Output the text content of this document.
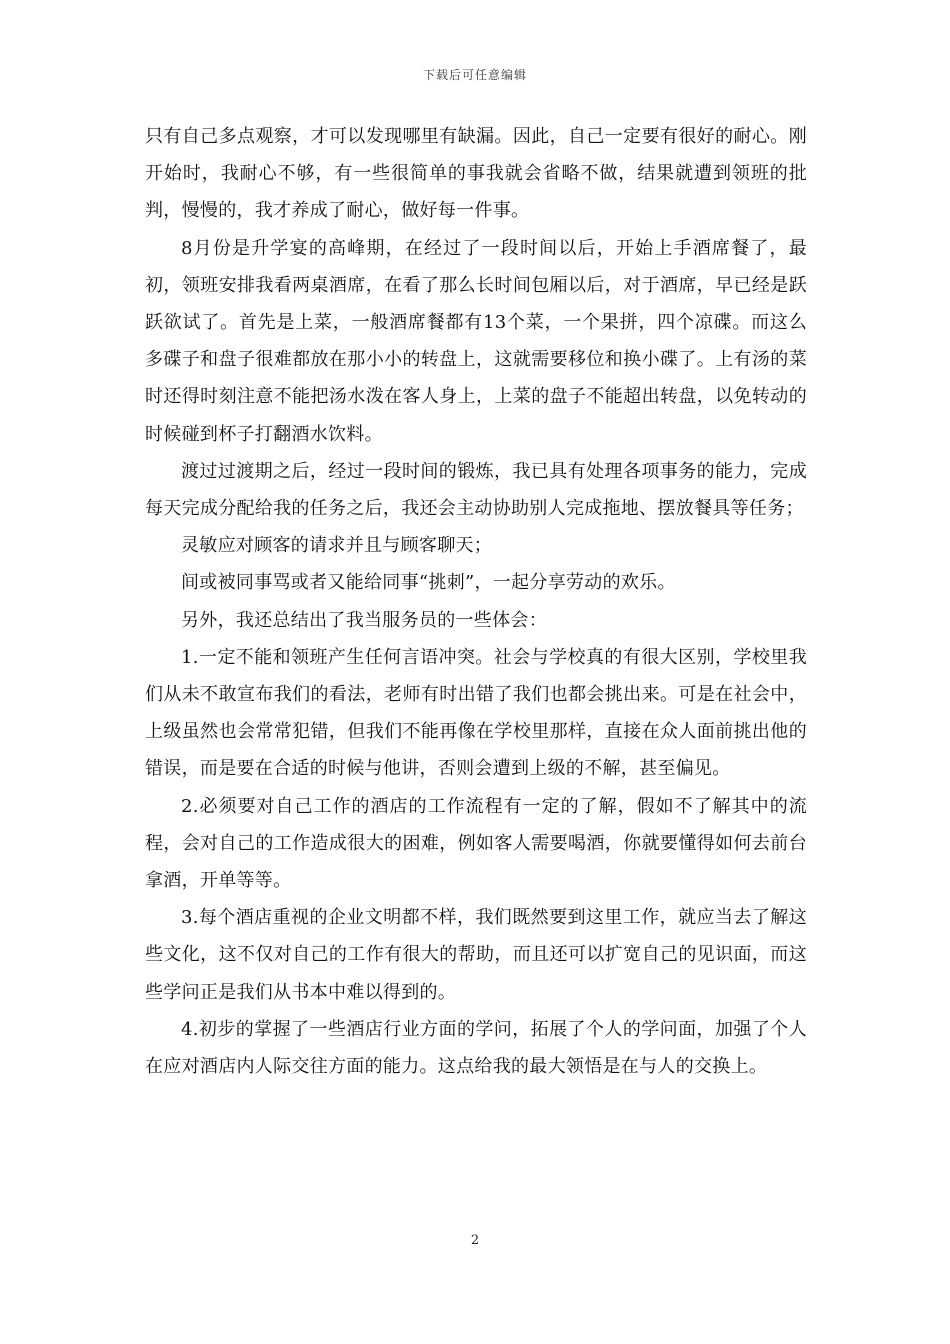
下载后可任意编辑

只有自己多点观察，才可以发现哪里有缺漏。因此，自己一定要有很好的耐心。刚开始时，我耐心不够，有一些很简单的事我就会省略不做，结果就遭到领班的批判，慢慢的，我才养成了耐心，做好每一件事。

8月份是升学宴的高峰期，在经过了一段时间以后，开始上手酒席餐了，最初，领班安排我看两桌酒席，在看了那么长时间包厢以后，对于酒席，早已经是跃跃欲试了。首先是上菜，一般酒席餐都有13个菜，一个果拼，四个凉碟。而这么多碟子和盘子很难都放在那小小的转盘上，这就需要移位和换小碟了。上有汤的菜时还得时刻注意不能把汤水泼在客人身上，上菜的盘子不能超出转盘，以免转动的时候碰到杯子打翻酒水饮料。

渡过过渡期之后，经过一段时间的锻炼，我已具有处理各项事务的能力，完成每天完成分配给我的任务之后，我还会主动协助别人完成拖地、摆放餐具等任务；

灵敏应对顾客的请求并且与顾客聊天；

间或被同事骂或者又能给同事“挑刺”，一起分享劳动的欢乐。

另外，我还总结出了我当服务员的一些体会：

1.一定不能和领班产生任何言语冲突。社会与学校真的有很大区别，学校里我们从未不敢宣布我们的看法，老师有时出错了我们也都会挑出来。可是在社会中，上级虽然也会常常犯错，但我们不能再像在学校里那样，直接在众人面前挑出他的错误，而是要在合适的时候与他讲，否则会遭到上级的不解，甚至偏见。

2.必须要对自己工作的酒店的工作流程有一定的了解，假如不了解其中的流程，会对自己的工作造成很大的困难，例如客人需要喝酒，你就要懂得如何去前台拿酒，开单等等。

3.每个酒店重视的企业文明都不样，我们既然要到这里工作，就应当去了解这些文化，这不仅对自己的工作有很大的帮助，而且还可以扩宽自己的见识面，而这些学问正是我们从书本中难以得到的。

4.初步的掌握了一些酒店行业方面的学问，拓展了个人的学问面，加强了个人在应对酒店内人际交往方面的能力。这点给我的最大领悟是在与人的交换上。

2
